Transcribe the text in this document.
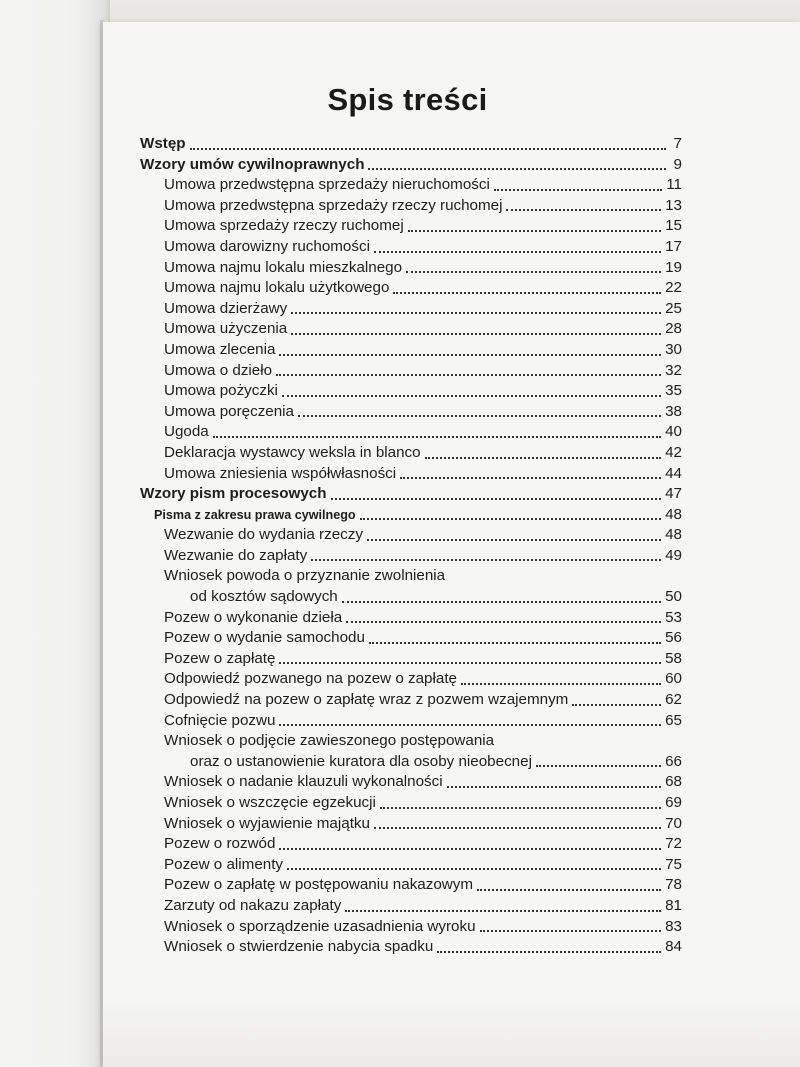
Spis treści
Wstęp	7
Wzory umów cywilnoprawnych	9
Umowa przedwstępna sprzedaży nieruchomości	11
Umowa przedwstępna sprzedaży rzeczy ruchomej	13
Umowa sprzedaży rzeczy ruchomej	15
Umowa darowizny ruchomości	17
Umowa najmu lokalu mieszkalnego	19
Umowa najmu lokalu użytkowego	22
Umowa dzierżawy	25
Umowa użyczenia	28
Umowa zlecenia	30
Umowa o dzieło	32
Umowa pożyczki	35
Umowa poręczenia	38
Ugoda	40
Deklaracja wystawcy weksla in blanco	42
Umowa zniesienia współwłasności	44
Wzory pism procesowych	47
Pisma z zakresu prawa cywilnego	48
Wezwanie do wydania rzeczy	48
Wezwanie do zapłaty	49
Wniosek powoda o przyznanie zwolnienia
od kosztów sądowych	50
Pozew o wykonanie dzieła	53
Pozew o wydanie samochodu	56
Pozew o zapłatę	58
Odpowiedź pozwanego na pozew o zapłatę	60
Odpowiedź na pozew o zapłatę wraz z pozwem wzajemnym	62
Cofnięcie pozwu	65
Wniosek o podjęcie zawieszonego postępowania
oraz o ustanowienie kuratora dla osoby nieobecnej	66
Wniosek o nadanie klauzuli wykonalności	68
Wniosek o wszczęcie egzekucji	69
Wniosek o wyjawienie majątku	70
Pozew o rozwód	72
Pozew o alimenty	75
Pozew o zapłatę w postępowaniu nakazowym	78
Zarzuty od nakazu zapłaty	81
Wniosek o sporządzenie uzasadnienia wyroku	83
Wniosek o stwierdzenie nabycia spadku	84
